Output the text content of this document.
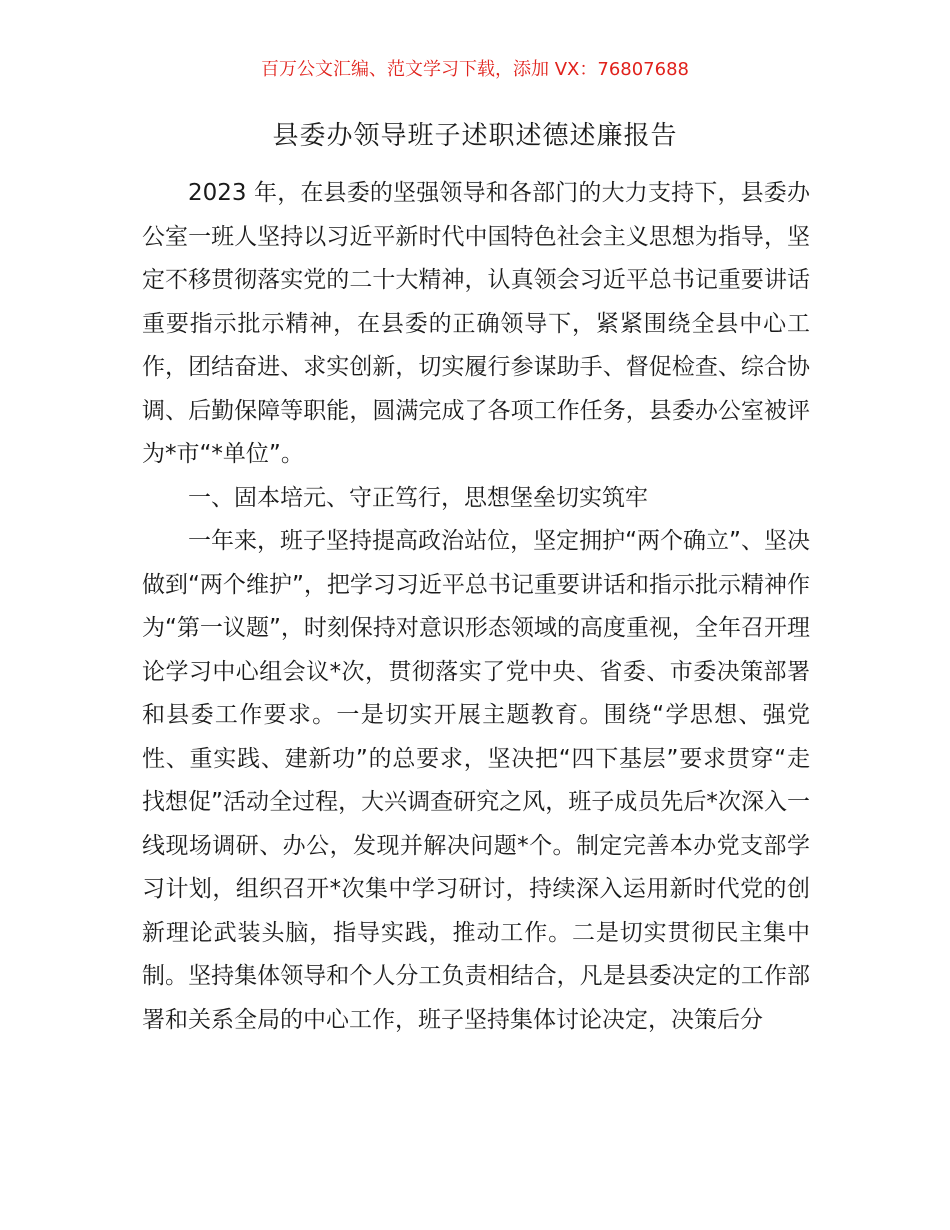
百万公文汇编、范文学习下载，添加 VX：76807688
县委办领导班子述职述德述廉报告

2023 年，在县委的坚强领导和各部门的大力支持下，县委办公室一班人坚持以习近平新时代中国特色社会主义思想为指导，坚定不移贯彻落实党的二十大精神，认真领会习近平总书记重要讲话重要指示批示精神，在县委的正确领导下，紧紧围绕全县中心工作，团结奋进、求实创新，切实履行参谋助手、督促检查、综合协调、后勤保障等职能，圆满完成了各项工作任务，县委办公室被评为*市“*单位”。

一、固本培元、守正笃行，思想堡垒切实筑牢

一年来，班子坚持提高政治站位，坚定拥护“两个确立”、坚决做到“两个维护”，把学习习近平总书记重要讲话和指示批示精神作为“第一议题”，时刻保持对意识形态领域的高度重视，全年召开理论学习中心组会议*次，贯彻落实了党中央、省委、市委决策部署和县委工作要求。一是切实开展主题教育。围绕“学思想、强党性、重实践、建新功”的总要求，坚决把“四下基层”要求贯穿“走找想促”活动全过程，大兴调查研究之风，班子成员先后*次深入一线现场调研、办公，发现并解决问题*个。制定完善本办党支部学习计划，组织召开*次集中学习研讨，持续深入运用新时代党的创新理论武装头脑，指导实践，推动工作。二是切实贯彻民主集中制。坚持集体领导和个人分工负责相结合，凡是县委决定的工作部署和关系全局的中心工作，班子坚持集体讨论决定，决策后分
